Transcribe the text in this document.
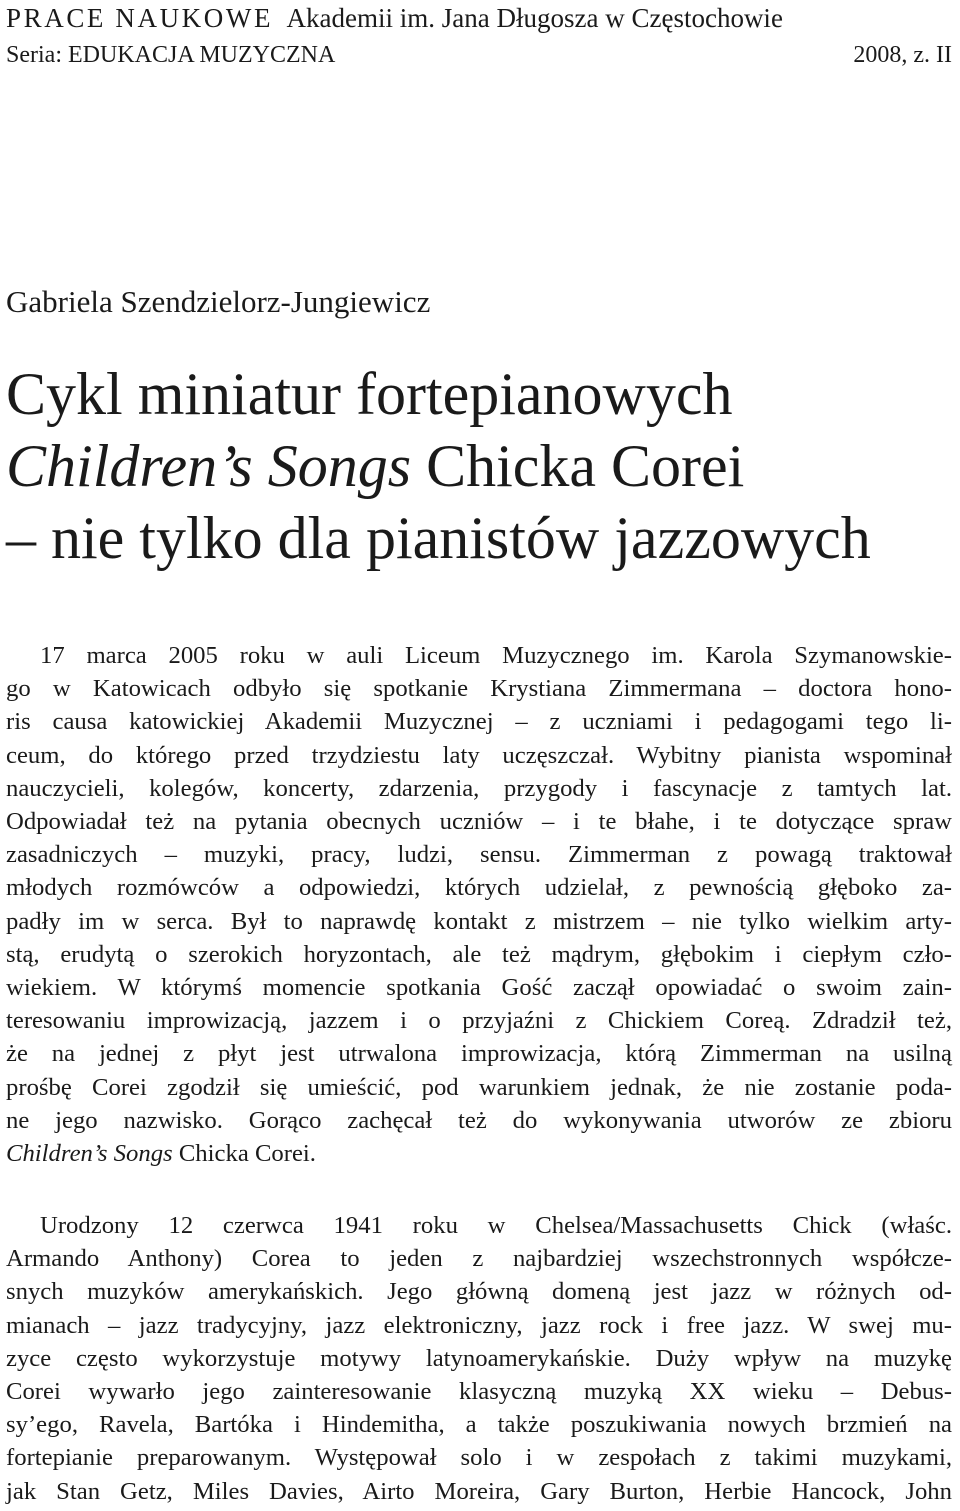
PRACE NAUKOWE Akademii im. Jana Długosza w Częstochowie
Seria: EDUKACJA MUZYCZNA	2008, z. II
Gabriela Szendzielorz-Jungiewicz
Cykl miniatur fortepianowych
Children’s Songs Chicka Corei
– nie tylko dla pianistów jazzowych

17 marca 2005 roku w auli Liceum Muzycznego im. Karola Szymanowskie-

go w Katowicach odbyło się spotkanie Krystiana Zimmermana – doctora hono-

ris causa katowickiej Akademii Muzycznej – z uczniami i pedagogami tego li-

ceum, do którego przed trzydziestu laty uczęszczał. Wybitny pianista wspominał

nauczycieli, kolegów, koncerty, zdarzenia, przygody i fascynacje z tamtych lat.

Odpowiadał też na pytania obecnych uczniów – i te błahe, i te dotyczące spraw

zasadniczych – muzyki, pracy, ludzi, sensu. Zimmerman z powagą traktował

młodych rozmówców a odpowiedzi, których udzielał, z pewnością głęboko za-

padły im w serca. Był to naprawdę kontakt z mistrzem – nie tylko wielkim arty-

stą, erudytą o szerokich horyzontach, ale też mądrym, głębokim i ciepłym czło-

wiekiem. W którymś momencie spotkania Gość zaczął opowiadać o swoim zain-

teresowaniu improwizacją, jazzem i o przyjaźni z Chickiem Coreą. Zdradził też,

że na jednej z płyt jest utrwalona improwizacja, którą Zimmerman na usilną

prośbę Corei zgodził się umieścić, pod warunkiem jednak, że nie zostanie poda-

ne jego nazwisko. Gorąco zachęcał też do wykonywania utworów ze zbioru

Children’s Songs Chicka Corei.

Urodzony 12 czerwca 1941 roku w Chelsea/Massachusetts Chick (właśc.

Armando Anthony) Corea to jeden z najbardziej wszechstronnych współcze-

snych muzyków amerykańskich. Jego główną domeną jest jazz w różnych od-

mianach – jazz tradycyjny, jazz elektroniczny, jazz rock i free jazz. W swej mu-

zyce często wykorzystuje motywy latynoamerykańskie. Duży wpływ na muzykę

Corei wywarło jego zainteresowanie klasyczną muzyką XX wieku – Debus-

sy’ego, Ravela, Bartóka i Hindemitha, a także poszukiwania nowych brzmień na

fortepianie preparowanym. Występował solo i w zespołach z takimi muzykami,

jak Stan Getz, Miles Davies, Airto Moreira, Gary Burton, Herbie Hancock, John
